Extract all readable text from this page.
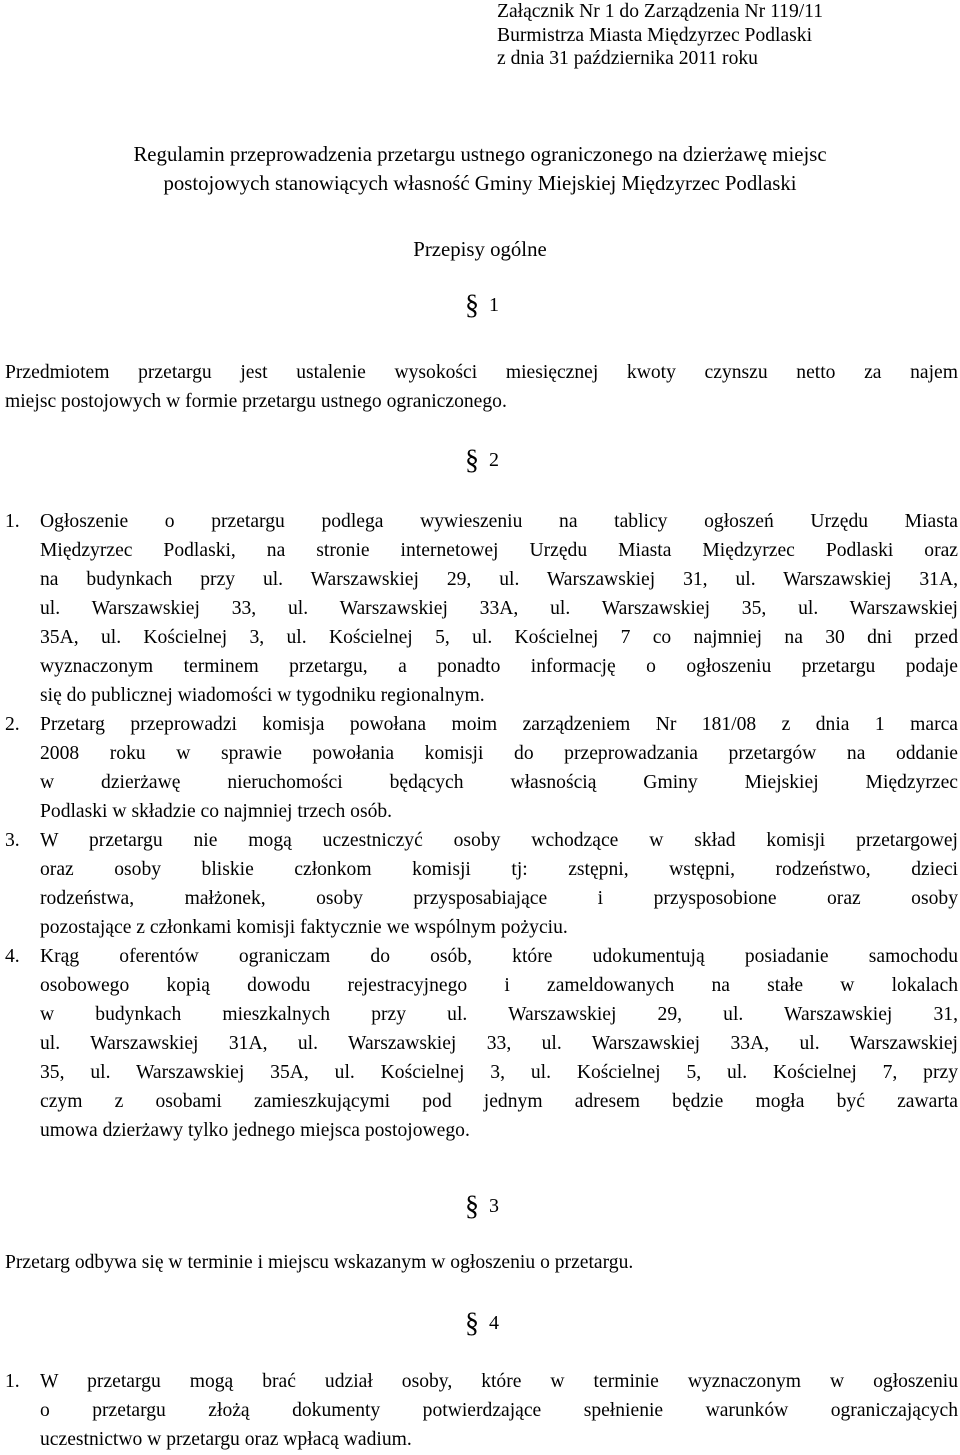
Załącznik Nr 1 do Zarządzenia Nr 119/11
Burmistrza Miasta Międzyrzec Podlaski
z dnia 31 października 2011 roku
Regulamin przeprowadzenia przetargu ustnego ograniczonego na dzierżawę miejsc
postojowych stanowiących własność Gminy Miejskiej Międzyrzec Podlaski
Przepisy ogólne
§ 1
Przedmiotem przetargu jest ustalenie wysokości miesięcznej kwoty czynszu netto za najem
miejsc postojowych w formie przetargu ustnego ograniczonego.
§ 2
1. Ogłoszenie o przetargu podlega wywieszeniu na tablicy ogłoszeń Urzędu Miasta
Międzyrzec Podlaski, na stronie internetowej Urzędu Miasta Międzyrzec Podlaski oraz
na budynkach przy ul. Warszawskiej 29, ul. Warszawskiej 31, ul. Warszawskiej 31A,
ul. Warszawskiej 33, ul. Warszawskiej 33A, ul. Warszawskiej 35, ul. Warszawskiej
35A, ul. Kościelnej 3, ul. Kościelnej 5, ul. Kościelnej 7 co najmniej na 30 dni przed
wyznaczonym terminem przetargu, a ponadto informację o ogłoszeniu przetargu podaje
się do publicznej wiadomości w tygodniku regionalnym.
2. Przetarg przeprowadzi komisja powołana moim zarządzeniem Nr 181/08 z dnia 1 marca
2008 roku w sprawie powołania komisji do przeprowadzania przetargów na oddanie
w dzierżawę nieruchomości będących własnością Gminy Miejskiej Międzyrzec
Podlaski w składzie co najmniej trzech osób.
3. W przetargu nie mogą uczestniczyć osoby wchodzące w skład komisji przetargowej
oraz osoby bliskie członkom komisji tj: zstępni, wstępni, rodzeństwo, dzieci
rodzeństwa, małżonek, osoby przysposabiające i przysposobione oraz osoby
pozostające z członkami komisji faktycznie we wspólnym pożyciu.
4. Krąg oferentów ograniczam do osób, które udokumentują posiadanie samochodu
osobowego kopią dowodu rejestracyjnego i zameldowanych na stałe w lokalach
w budynkach mieszkalnych przy ul. Warszawskiej 29, ul. Warszawskiej 31,
ul. Warszawskiej 31A, ul. Warszawskiej 33, ul. Warszawskiej 33A, ul. Warszawskiej
35, ul. Warszawskiej 35A, ul. Kościelnej 3, ul. Kościelnej 5, ul. Kościelnej 7, przy
czym z osobami zamieszkującymi pod jednym adresem będzie mogła być zawarta
umowa dzierżawy tylko jednego miejsca postojowego.
§ 3
Przetarg odbywa się w terminie i miejscu wskazanym w ogłoszeniu o przetargu.
§ 4
1. W przetargu mogą brać udział osoby, które w terminie wyznaczonym w ogłoszeniu
o przetargu złożą dokumenty potwierdzające spełnienie warunków ograniczających
uczestnictwo w przetargu oraz wpłacą wadium.
